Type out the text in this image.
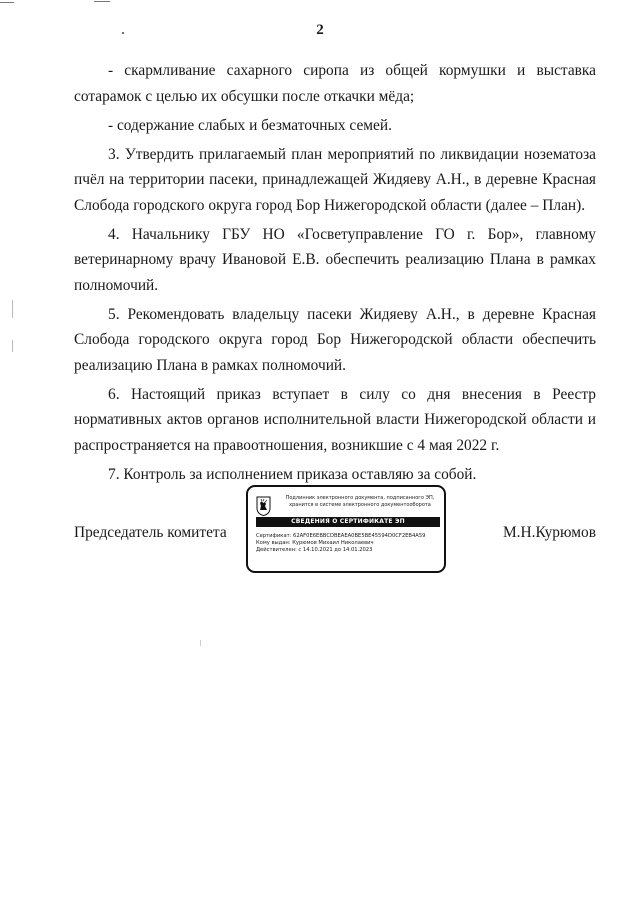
2

- скармливание сахарного сиропа из общей кормушки и выставка сотарамок с целью их обсушки после откачки мёда;

- содержание слабых и безматочных семей.

3. Утвердить прилагаемый план мероприятий по ликвидации нозематоза пчёл на территории пасеки, принадлежащей Жидяеву А.Н., в деревне Красная Слобода городского округа город Бор Нижегородской области (далее – План).

4. Начальнику ГБУ НО «Госветуправление ГО г. Бор», главному ветеринарному врачу Ивановой Е.В. обеспечить реализацию Плана в рамках полномочий.

5. Рекомендовать владельцу пасеки Жидяеву А.Н., в деревне Красная Слобода городского округа город Бор Нижегородской области обеспечить реализацию Плана в рамках полномочий.

6. Настоящий приказ вступает в силу со дня внесения в Реестр нормативных актов органов исполнительной власти Нижегородской области и распространяется на правоотношения, возникшие с 4 мая 2022 г.

7. Контроль за исполнением приказа оставляю за собой.

Председатель комитета
Подлинник электронного документа, подписанного ЭП,
хранится в системе электронного документооборота
СВЕДЕНИЯ О СЕРТИФИКАТЕ ЭП
Сертификат: 62AF0E6EBBCDBEAEA0BE5BE45594D0CF2EB4A59
Кому выдан: Курюмов Михаил Николаевич
Действителен: с 14.10.2021 до 14.01.2023
М.Н.Курюмов
